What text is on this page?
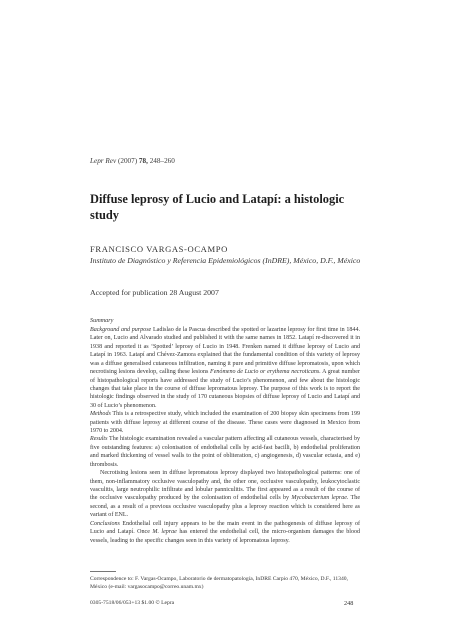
Lepr Rev (2007) 78, 248–260
Diffuse leprosy of Lucio and Latapí: a histologic study
FRANCISCO VARGAS-OCAMPO
Instituto de Diagnóstico y Referencia Epidemiológicos (InDRE), México, D.F., México
Accepted for publication 28 August 2007
Summary

Background and purpose Ladislao de la Pascua described the spotted or lazarine leprosy for first time in 1844. Later on, Lucio and Alvarado studied and published it with the same names in 1852. Latapí re-discovered it in 1938 and reported it as ‘Spotted’ leprosy of Lucio in 1948. Frenken named it diffuse leprosy of Lucio and Latapí in 1963. Latapí and Chévez-Zamora explained that the fundamental condition of this variety of leprosy was a diffuse generalised cutaneous infiltration, naming it pure and primitive diffuse lepromatosis, upon which necrotising lesions develop, calling these lesions Fenómeno de Lucio or erythema necroticans. A great number of histopathological reports have addressed the study of Lucio’s phenomenon, and few about the histologic changes that take place in the course of diffuse lepromatous leprosy. The purpose of this work is to report the histologic findings observed in the study of 170 cutaneous biopsies of diffuse leprosy of Lucio and Latapí and 30 of Lucio’s phenomenon.

Methods This is a retrospective study, which included the examination of 200 biopsy skin specimens from 199 patients with diffuse leprosy at different course of the disease. These cases were diagnosed in Mexico from 1970 to 2004.

Results The histologic examination revealed a vascular pattern affecting all cutaneous vessels, characterised by five outstanding features: a) colonisation of endothelial cells by acid-fast bacilli, b) endothelial proliferation and marked thickening of vessel walls to the point of obliteration, c) angiogenesis, d) vascular ectasia, and e) thrombosis.

Necrotising lesions seen in diffuse lepromatous leprosy displayed two histopathological patterns: one of them, non-inflammatory occlusive vasculopathy and, the other one, occlusive vasculopathy, leukocytoclastic vasculitis, large neutrophilic infiltrate and lobular panniculitis. The first appeared as a result of the course of the occlusive vasculopathy produced by the colonisation of endothelial cells by Mycobacterium leprae. The second, as a result of a previous occlusive vasculopathy plus a leprosy reaction which is considered here as variant of ENL.

Conclusions Endothelial cell injury appears to be the main event in the pathogenesis of diffuse leprosy of Lucio and Latapí. Once M. leprae has entered the endothelial cell, the micro-organism damages the blood vessels, leading to the specific changes seen in this variety of lepromatous leprosy.

Correspondence to: F. Vargas-Ocampo, Laboratorio de dermatopatología, InDRE Carpio 470, México, D.F., 11340, México (e-mail: vargasocampo@correo.unam.mx)
0305-7518/06/053+13 $1.00 © Lepra	248
